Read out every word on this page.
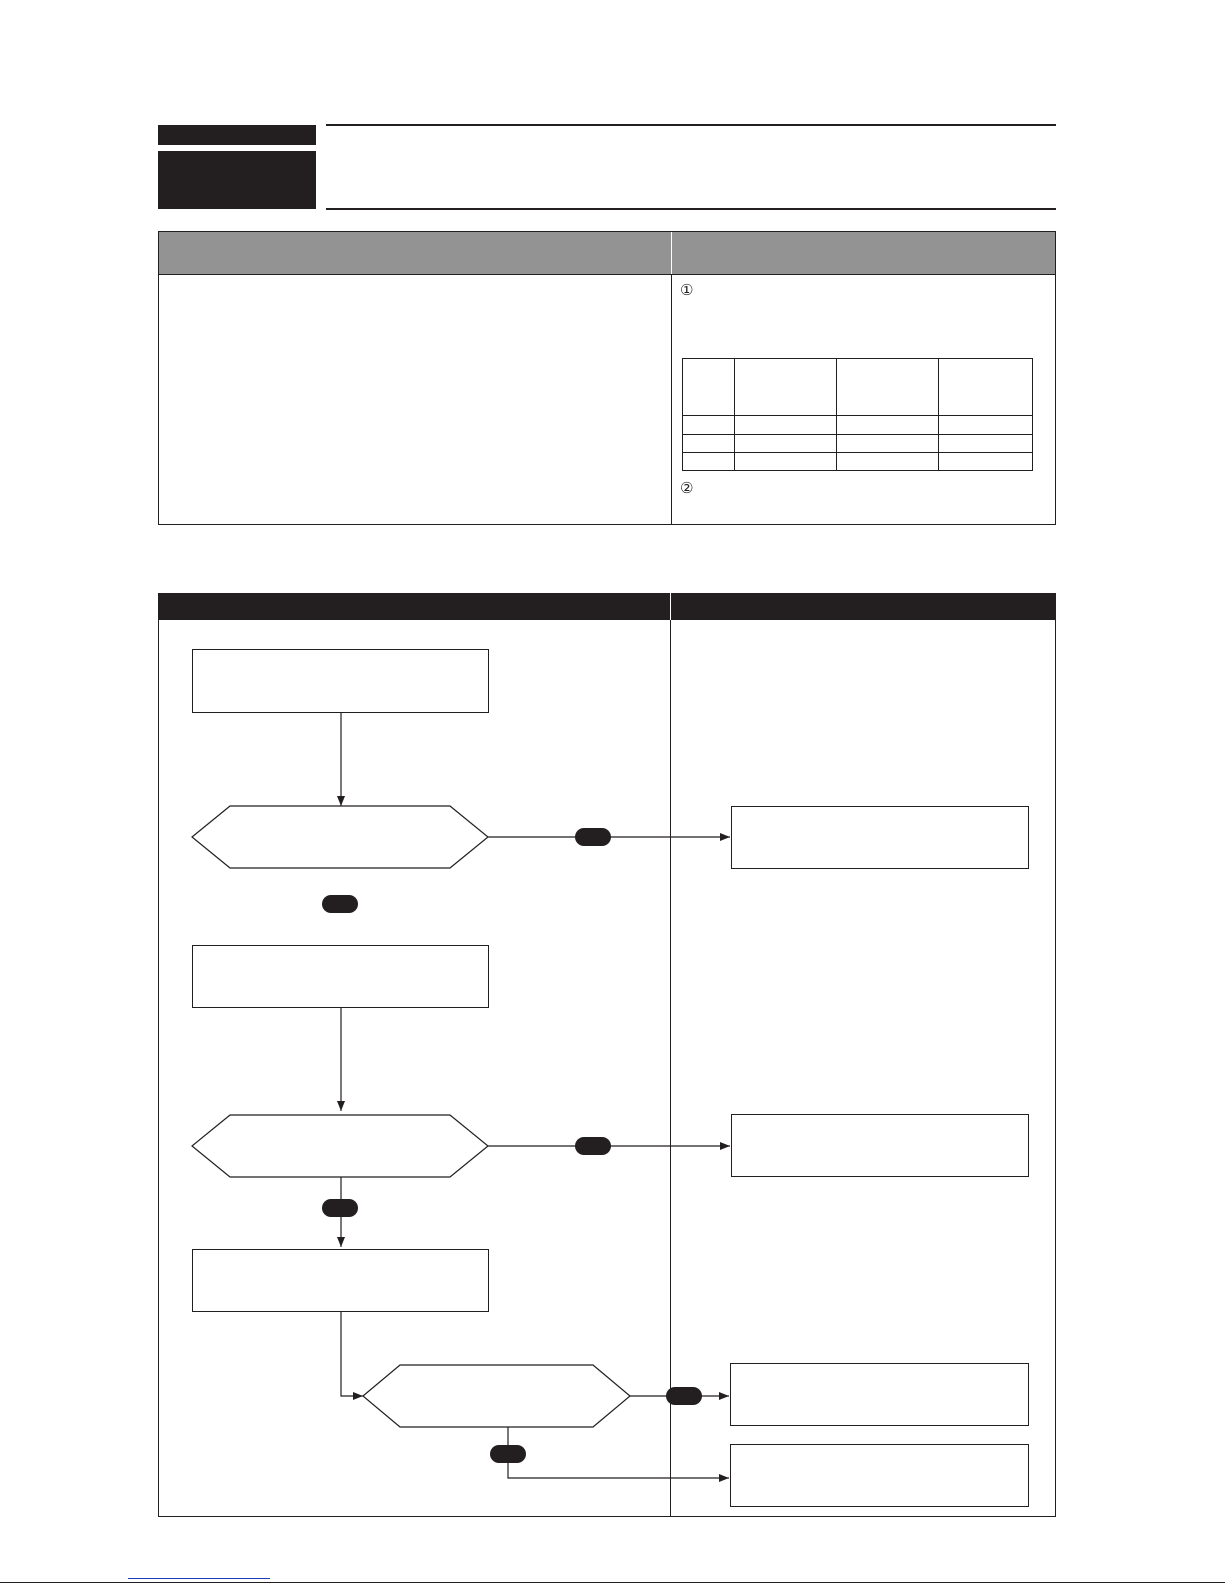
①
②
